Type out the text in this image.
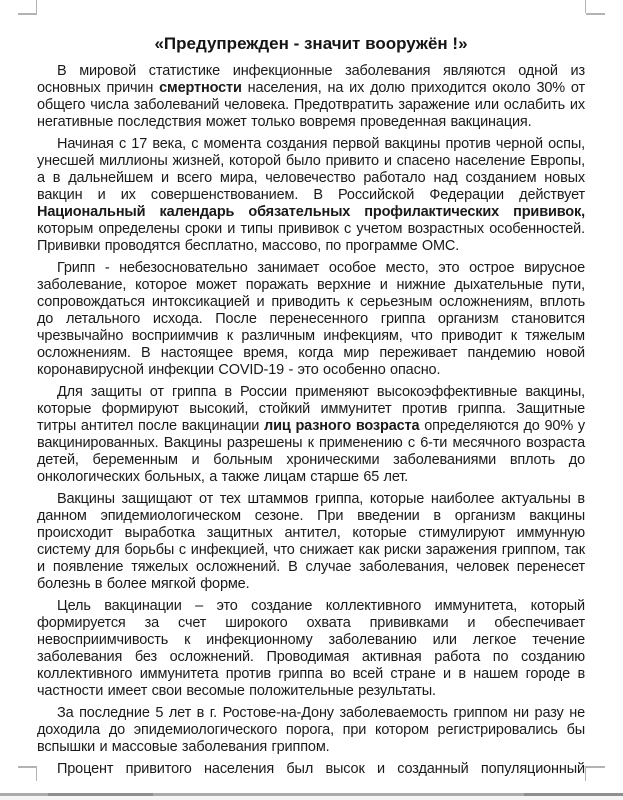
«Предупрежден - значит вооружён !»

В мировой статистике инфекционные заболевания являются одной из основных причин смертности населения, на их долю приходится около 30% от общего числа заболеваний человека. Предотвратить заражение или ослабить их негативные последствия может только вовремя проведенная вакцинация.

Начиная с 17 века, с момента создания первой вакцины против черной оспы, унесшей миллионы жизней, которой было привито и спасено население Европы, а в дальнейшем и всего мира, человечество работало над созданием новых вакцин и их совершенствованием. В Российской Федерации действует Национальный календарь обязательных профилактических прививок, которым определены сроки и типы прививок с учетом возрастных особенностей. Прививки проводятся бесплатно, массово, по программе ОМС.

Грипп - небезосновательно занимает особое место, это острое вирусное заболевание, которое может поражать верхние и нижние дыхательные пути, сопровождаться интоксикацией и приводить к серьезным осложнениям, вплоть до летального исхода. После перенесенного гриппа организм становится чрезвычайно восприимчив к различным инфекциям, что приводит к тяжелым осложнениям. В настоящее время, когда мир переживает пандемию новой коронавирусной инфекции COVID-19 - это особенно опасно.

Для защиты от гриппа в России применяют высокоэффективные вакцины, которые формируют высокий, стойкий иммунитет против гриппа. Защитные титры антител после вакцинации лиц разного возраста определяются до 90% у вакцинированных. Вакцины разрешены к применению с 6-ти месячного возраста детей, беременным и больным хроническими заболеваниями вплоть до онкологических больных, а также лицам старше 65 лет.

Вакцины защищают от тех штаммов гриппа, которые наиболее актуальны в данном эпидемиологическом сезоне. При введении в организм вакцины происходит выработка защитных антител, которые стимулируют иммунную систему для борьбы с инфекцией, что снижает как риски заражения гриппом, так и появление тяжелых осложнений. В случае заболевания, человек перенесет болезнь в более мягкой форме.

Цель вакцинации – это создание коллективного иммунитета, который формируется за счет широкого охвата прививками и обеспечивает невосприимчивость к инфекционному заболеванию или легкое течение заболевания без осложнений. Проводимая активная работа по созданию коллективного иммунитета против гриппа во всей стране и в нашем городе в частности имеет свои весомые положительные результаты.

За последние 5 лет в г. Ростове-на-Дону заболеваемость гриппом ни разу не доходила до эпидемиологического порога, при котором регистрировались бы вспышки и массовые заболевания гриппом.

Процент привитого населения был высок и созданный популяционный
